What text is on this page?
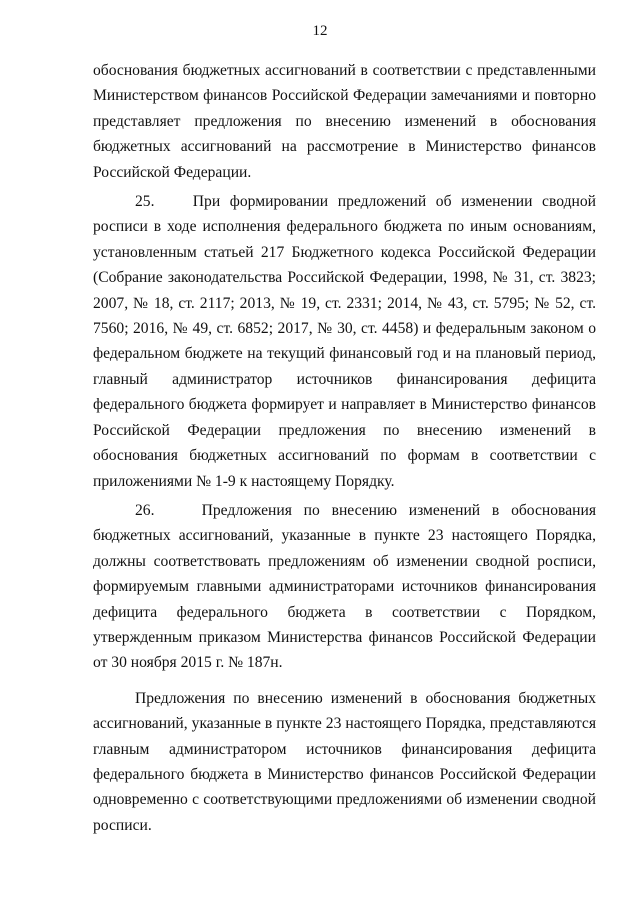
12

обоснования бюджетных ассигнований в соответствии с представленными Министерством финансов Российской Федерации замечаниями и повторно представляет предложения по внесению изменений в обоснования бюджетных ассигнований на рассмотрение в Министерство финансов Российской Федерации.

25.    При формировании предложений об изменении сводной росписи в ходе исполнения федерального бюджета по иным основаниям, установленным статьей 217 Бюджетного кодекса Российской Федерации (Собрание законодательства Российской Федерации, 1998, № 31, ст. 3823; 2007, № 18, ст. 2117; 2013, № 19, ст. 2331; 2014, № 43, ст. 5795; № 52, ст. 7560; 2016, № 49, ст. 6852; 2017, № 30, ст. 4458) и федеральным законом о федеральном бюджете на текущий финансовый год и на плановый период, главный администратор источников финансирования дефицита федерального бюджета формирует и направляет в Министерство финансов Российской Федерации предложения по внесению изменений в обоснования бюджетных ассигнований по формам в соответствии с приложениями № 1-9 к настоящему Порядку.

26.    Предложения по внесению изменений в обоснования бюджетных ассигнований, указанные в пункте 23 настоящего Порядка, должны соответствовать предложениям об изменении сводной росписи, формируемым главными администраторами источников финансирования дефицита федерального бюджета в соответствии с Порядком, утвержденным приказом Министерства финансов Российской Федерации от 30 ноября 2015 г. № 187н.

Предложения по внесению изменений в обоснования бюджетных ассигнований, указанные в пункте 23 настоящего Порядка, представляются главным администратором источников финансирования дефицита федерального бюджета в Министерство финансов Российской Федерации одновременно с соответствующими предложениями об изменении сводной росписи.
